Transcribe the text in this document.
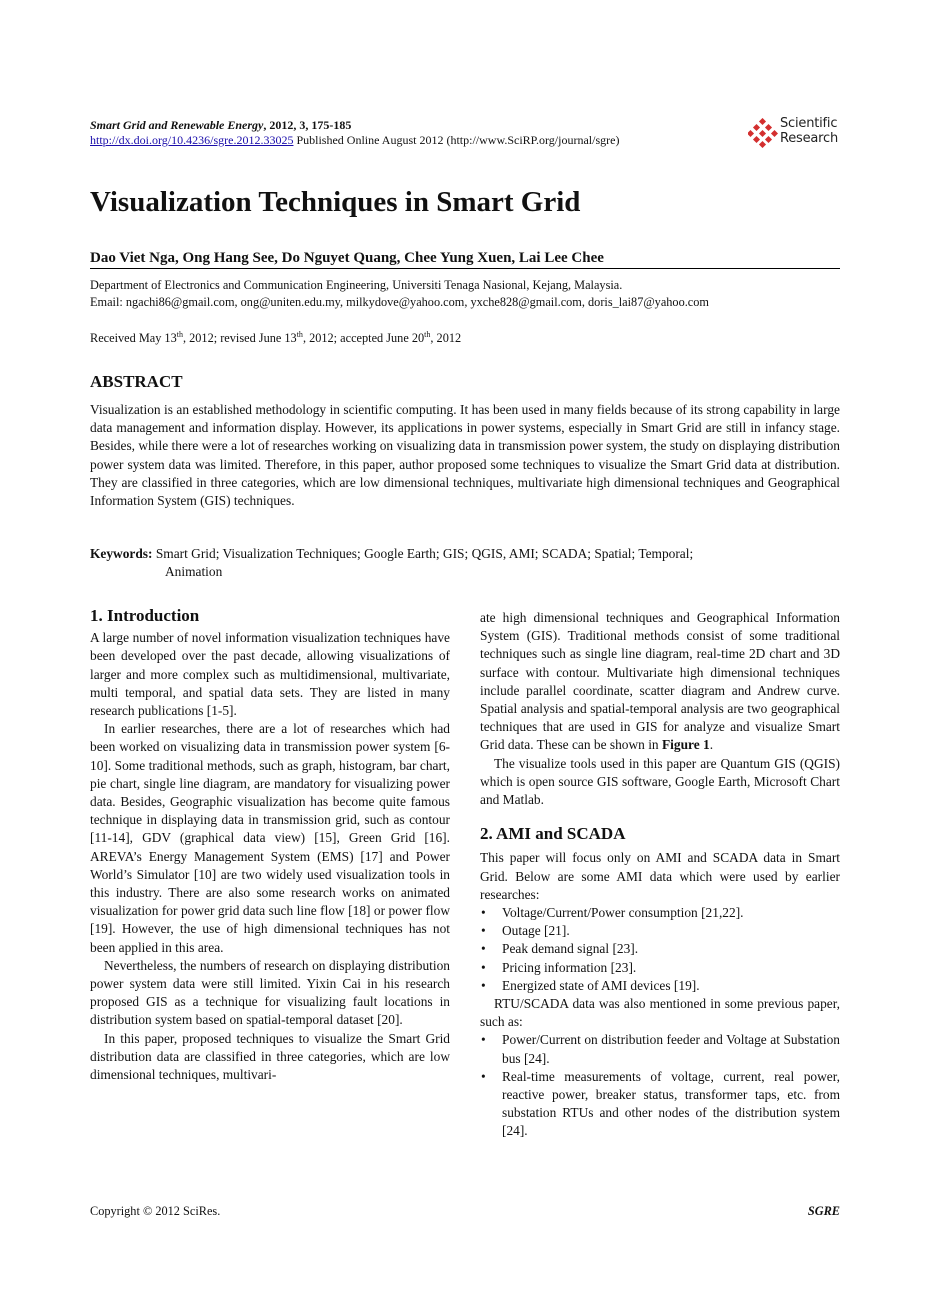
Smart Grid and Renewable Energy, 2012, 3, 175-185
http://dx.doi.org/10.4236/sgre.2012.33025 Published Online August 2012 (http://www.SciRP.org/journal/sgre)
Scientific
Research
Visualization Techniques in Smart Grid
Dao Viet Nga, Ong Hang See, Do Nguyet Quang, Chee Yung Xuen, Lai Lee Chee
Department of Electronics and Communication Engineering, Universiti Tenaga Nasional, Kejang, Malaysia.
Email: ngachi86@gmail.com, ong@uniten.edu.my, milkydove@yahoo.com, yxche828@gmail.com, doris_lai87@yahoo.com
Received May 13th, 2012; revised June 13th, 2012; accepted June 20th, 2012
ABSTRACT
Visualization is an established methodology in scientific computing. It has been used in many fields because of its strong capability in large data management and information display. However, its applications in power systems, especially in Smart Grid are still in infancy stage. Besides, while there were a lot of researches working on visualizing data in transmission power system, the study on displaying distribution power system data was limited. Therefore, in this paper, author proposed some techniques to visualize the Smart Grid data at distribution. They are classified in three categories, which are low dimensional techniques, multivariate high dimensional techniques and Geographical Information System (GIS) techniques.
Keywords: Smart Grid; Visualization Techniques; Google Earth; GIS; QGIS, AMI; SCADA; Spatial; Temporal;
Animation
1. Introduction

A large number of novel information visualization techniques have been developed over the past decade, allowing visualizations of larger and more complex such as multidimensional, multivariate, multi temporal, and spatial data sets. They are listed in many research publications [1-5].

In earlier researches, there are a lot of researches which had been worked on visualizing data in transmission power system [6-10]. Some traditional methods, such as graph, histogram, bar chart, pie chart, single line diagram, are mandatory for visualizing power data. Besides, Geographic visualization has become quite famous technique in displaying data in transmission grid, such as contour [11-14], GDV (graphical data view) [15], Green Grid [16]. AREVA’s Energy Management System (EMS) [17] and Power World’s Simulator [10] are two widely used visualization tools in this industry. There are also some research works on animated visualization for power grid data such line flow [18] or power flow [19]. However, the use of high dimensional techniques has not been applied in this area.

Nevertheless, the numbers of research on displaying distribution power system data were still limited. Yixin Cai in his research proposed GIS as a technique for visualizing fault locations in distribution system based on spatial-temporal dataset [20].

In this paper, proposed techniques to visualize the Smart Grid distribution data are classified in three categories, which are low dimensional techniques, multivari-

ate high dimensional techniques and Geographical Information System (GIS). Traditional methods consist of some traditional techniques such as single line diagram, real-time 2D chart and 3D surface with contour. Multivariate high dimensional techniques include parallel coordinate, scatter diagram and Andrew curve. Spatial analysis and spatial-temporal analysis are two geographical techniques that are used in GIS for analyze and visualize Smart Grid data. These can be shown in Figure 1.

The visualize tools used in this paper are Quantum GIS (QGIS) which is open source GIS software, Google Earth, Microsoft Chart and Matlab.

2. AMI and SCADA

This paper will focus only on AMI and SCADA data in Smart Grid. Below are some AMI data which were used by earlier researches:

• Voltage/Current/Power consumption [21,22].
• Outage [21].
• Peak demand signal [23].
• Pricing information [23].
• Energized state of AMI devices [19].

RTU/SCADA data was also mentioned in some previous paper, such as:

• Power/Current on distribution feeder and Voltage at Substation bus [24].
• Real-time measurements of voltage, current, real power, reactive power, breaker status, transformer taps, etc. from substation RTUs and other nodes of the distribution system [24].
Copyright © 2012 SciRes.	SGRE
